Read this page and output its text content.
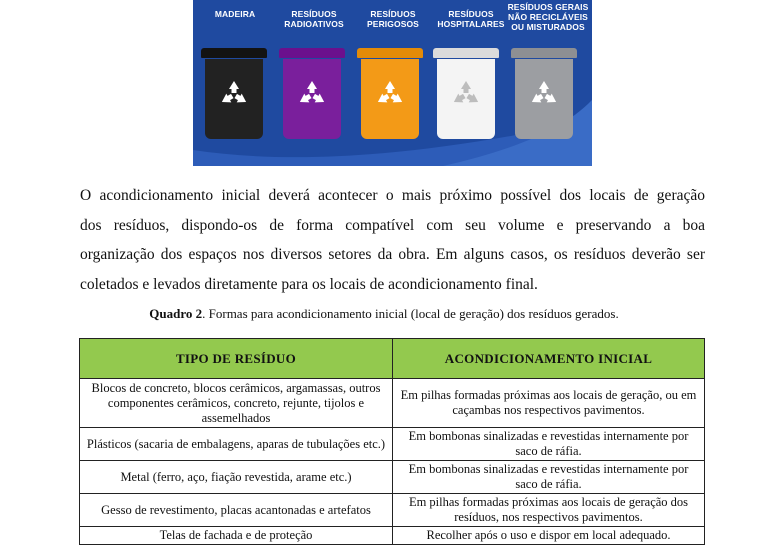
MADEIRA	RESÍDUOS RADIOATIVOS
RESÍDUOS PERIGOSOS
RESÍDUOS HOSPITALARES
RESÍDUOS GERAIS NÃO RECICLÁVEIS OU MISTURADOS

O acondicionamento inicial deverá acontecer o mais próximo possível dos locais de geração

dos resíduos, dispondo-os de forma compatível com seu volume e preservando a boa

organização dos espaços nos diversos setores da obra. Em alguns casos, os resíduos deverão ser

coletados e levados diretamente para os locais de acondicionamento final.

Quadro 2. Formas para acondicionamento inicial (local de geração) dos resíduos gerados.
TIPO DE RESÍDUO	ACONDICIONAMENTO INICIAL
Blocos de concreto, blocos cerâmicos, argamassas, outros componentes cerâmicos, concreto, rejunte, tijolos e assemelhados	Em pilhas formadas próximas aos locais de geração, ou em caçambas nos respectivos pavimentos.
Plásticos (sacaria de embalagens, aparas de tubulações etc.)	Em bombonas sinalizadas e revestidas internamente por saco de ráfia.
Metal (ferro, aço, fiação revestida, arame etc.)	Em bombonas sinalizadas e revestidas internamente por saco de ráfia.
Gesso de revestimento, placas acantonadas e artefatos	Em pilhas formadas próximas aos locais de geração dos resíduos, nos respectivos pavimentos.
Telas de fachada e de proteção	Recolher após o uso e dispor em local adequado.
